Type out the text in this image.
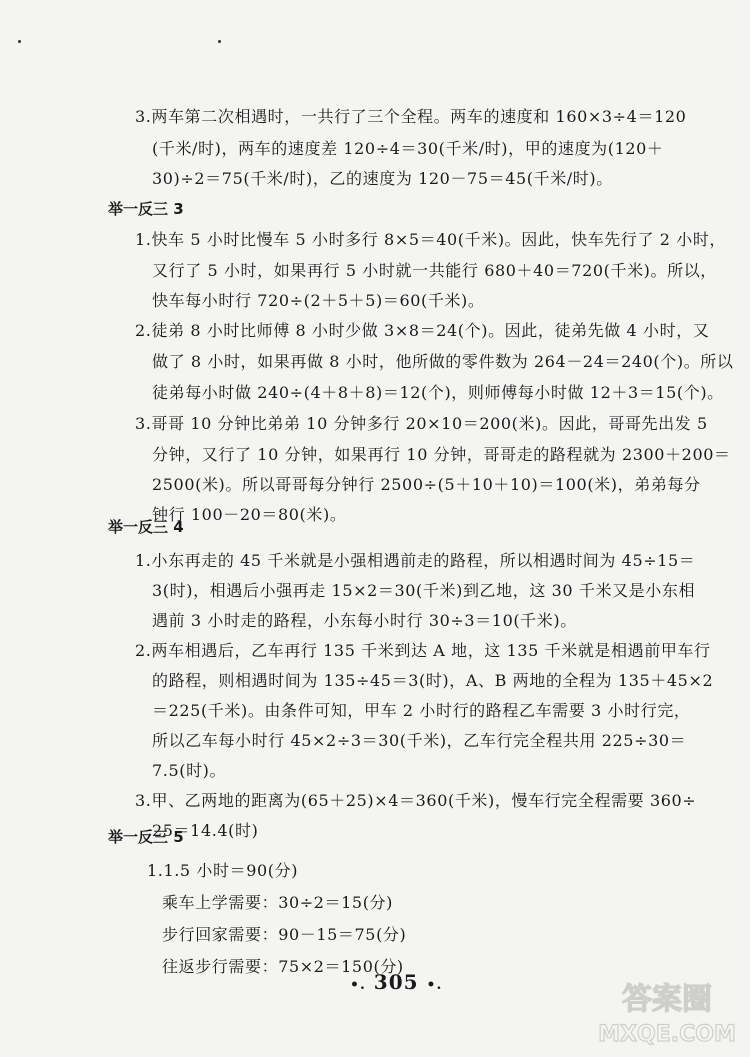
3.两车第二次相遇时，一共行了三个全程。两车的速度和 160×3÷4＝120
(千米/时)，两车的速度差 120÷4＝30(千米/时)，甲的速度为(120＋
30)÷2＝75(千米/时)，乙的速度为 120－75＝45(千米/时)。
举一反三 3
1.快车 5 小时比慢车 5 小时多行 8×5＝40(千米)。因此，快车先行了 2 小时，
又行了 5 小时，如果再行 5 小时就一共能行 680＋40＝720(千米)。所以，
快车每小时行 720÷(2＋5＋5)＝60(千米)。
2.徒弟 8 小时比师傅 8 小时少做 3×8＝24(个)。因此，徒弟先做 4 小时，又
做了 8 小时，如果再做 8 小时，他所做的零件数为 264－24＝240(个)。所以
徒弟每小时做 240÷(4＋8＋8)＝12(个)，则师傅每小时做 12＋3＝15(个)。
3.哥哥 10 分钟比弟弟 10 分钟多行 20×10＝200(米)。因此，哥哥先出发 5
分钟，又行了 10 分钟，如果再行 10 分钟，哥哥走的路程就为 2300＋200＝
2500(米)。所以哥哥每分钟行 2500÷(5＋10＋10)＝100(米)，弟弟每分
钟行 100－20＝80(米)。
举一反三 4
1.小东再走的 45 千米就是小强相遇前走的路程，所以相遇时间为 45÷15＝
3(时)，相遇后小强再走 15×2＝30(千米)到乙地，这 30 千米又是小东相
遇前 3 小时走的路程，小东每小时行 30÷3＝10(千米)。
2.两车相遇后，乙车再行 135 千米到达 A 地，这 135 千米就是相遇前甲车行
的路程，则相遇时间为 135÷45＝3(时)，A、B 两地的全程为 135＋45×2
＝225(千米)。由条件可知，甲车 2 小时行的路程乙车需要 3 小时行完，
所以乙车每小时行 45×2÷3＝30(千米)，乙车行完全程共用 225÷30＝
7.5(时)。
3.甲、乙两地的距离为(65＋25)×4＝360(千米)，慢车行完全程需要 360÷
25＝14.4(时)
举一反三 5
1.1.5 小时＝90(分)
乘车上学需要：30÷2＝15(分)
步行回家需要：90－15＝75(分)
往返步行需要：75×2＝150(分)
•. 305 •.	答案圈
MXQE.COM
